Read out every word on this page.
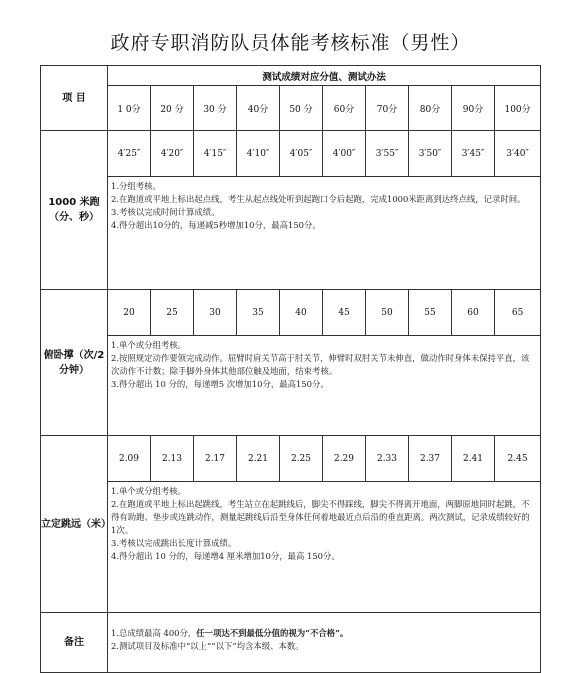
政府专职消防队员体能考核标准（男性）
项 目	测试成绩对应分值、测试办法									
	1 0分	20 分	30 分	40分	50 分	60分	70分	80分	90分	100分
1000 米跑（分、秒）	4′25″	4′20″	4′15″	4′10″	4′05″	4′00″	3′55″	3′50″	3′45″	3′40″

	1.分组考核。
2.在跑道或平地上标出起点线，考生从起点线处听到起跑口令后起跑，完成1000米距离到达终点线，记录时间。
3.考核以完成时间计算成绩。
4.得分超出10分的，每递减5秒增加10分，最高150分。									

俯卧撑（次/2分钟）	20	25	30	35	40	45	50	55	60	65

	1.单个或分组考核。
2.按照规定动作要领完成动作。屈臂时肩关节高于肘关节，伸臂时双肘关节未伸直，做动作时身体未保持平直，该次动作不计数；除手脚外身体其他部位触及地面，结束考核。
3.得分超出 10 分的，每递增5 次增加10分，最高150分。									

立定跳远（米）	2.09	2.13	2.17	2.21	2.25	2.29	2.33	2.37	2.41	2.45

	1.单个或分组考核。
2.在跑道或平地上标出起跳线，考生站立在起跳线后，脚尖不得踩线，脚尖不得离开地面，两脚原地同时起跳，不得有助跑、垫步或连跳动作，测量起跳线后沿至身体任何着地最近点后沿的垂直距离。两次测试，记录成绩较好的 1次。
3.考核以完成跳出长度计算成绩。
4.得分超出 10 分的，每递增4 厘米增加10分，最高 150分。									

备注	1.总成绩最高 400分，任一项达不到最低分值的视为“不合格”。
2.测试项目及标准中“以上”“以下”均含本级、本数。									
